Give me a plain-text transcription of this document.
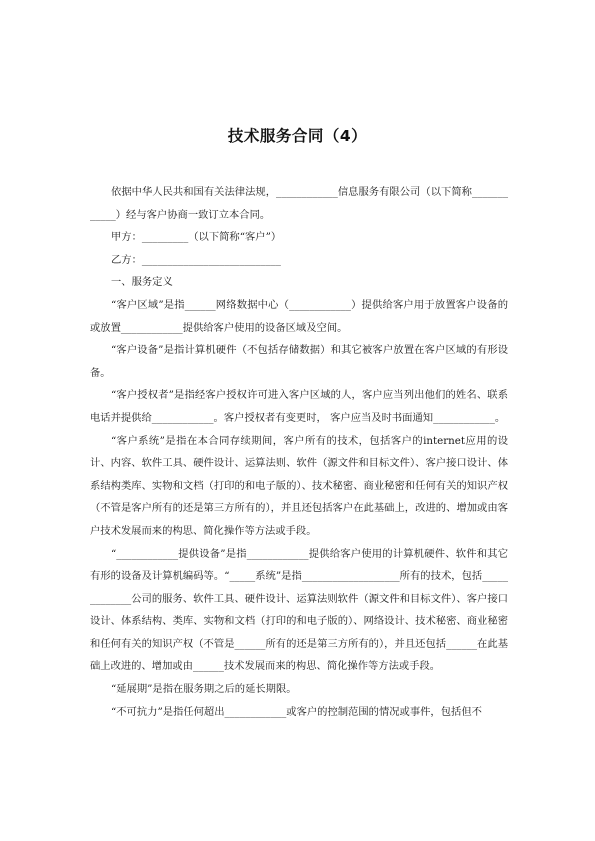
技术服务合同（4）

依据中华人民共和国有关法律法规，____________信息服务有限公司（以下简称____________）经与客户协商一致订立本合同。

甲方：_________（以下简称“客户”）

乙方：___________________________

一、服务定义

“客户区域”是指______网络数据中心（____________）提供给客户用于放置客户设备的或放置____________提供给客户使用的设备区域及空间。

“客户设备”是指计算机硬件（不包括存储数据）和其它被客户放置在客户区域的有形设备。

“客户授权者”是指经客户授权许可进入客户区域的人，客户应当列出他们的姓名、联系电话并提供给____________。客户授权者有变更时， 客户应当及时书面通知____________。

“客户系统”是指在本合同存续期间，客户所有的技术，包括客户的internet应用的设计、内容、软件工具、硬件设计、运算法则、软件（源文件和目标文件）、客户接口设计、体系结构类库、实物和文档（打印的和电子版的）、技术秘密、商业秘密和任何有关的知识产权（不管是客户所有的还是第三方所有的），并且还包括客户在此基础上，改进的、增加或由客户技术发展而来的构思、简化操作等方法或手段。

“____________提供设备”是指____________提供给客户使用的计算机硬件、软件和其它有形的设备及计算机编码等。“_____系统”是指___________________所有的技术，包括_____________公司的服务、软件工具、硬件设计、运算法则软件（源文件和目标文件）、客户接口设计、体系结构、类库、实物和文档（打印的和电子版的）、网络设计、技术秘密、商业秘密和任何有关的知识产权（不管是______所有的还是第三方所有的），并且还包括______在此基础上改进的、增加或由______技术发展而来的构思、简化操作等方法或手段。

“延展期”是指在服务期之后的延长期限。

“不可抗力”是指任何超出____________或客户的控制范围的情况或事件，包括但不
